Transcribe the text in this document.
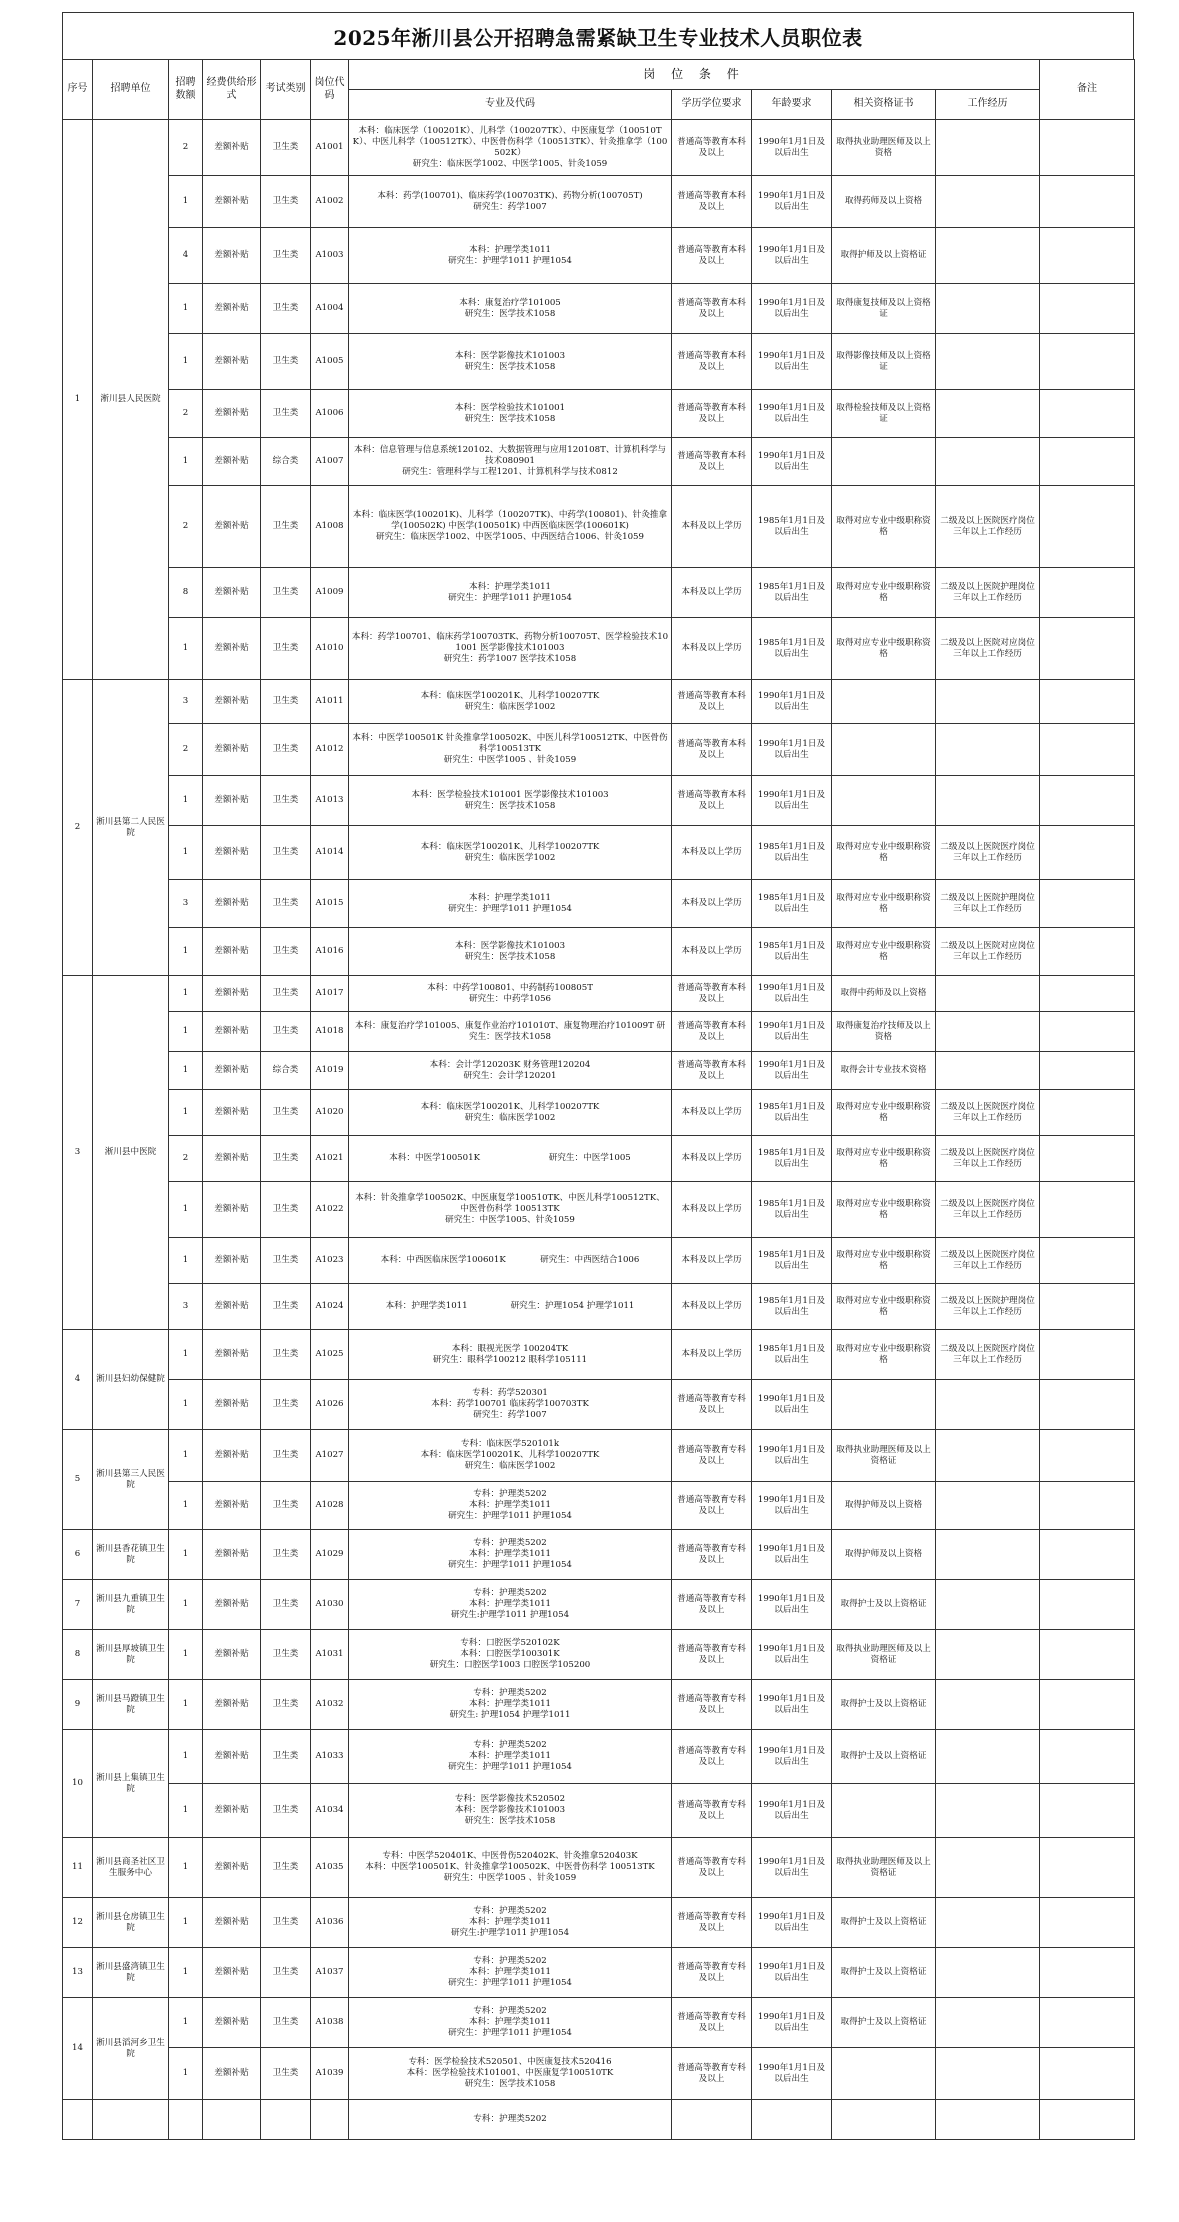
2025年淅川县公开招聘急需紧缺卫生专业技术人员职位表
序号	招聘单位	招聘数额	经费供给形式	考试类别	岗位代码	岗 位 条 件					备注
						专业及代码	学历学位要求	年龄要求	相关资格证书	工作经历	
1	淅川县人民医院	2	差额补贴	卫生类	A1001	本科：临床医学（100201K）、儿科学（100207TK）、中医康复学（100510TK）、中医儿科学（100512TK）、中医骨伤科学（100513TK）、针灸推拿学（100502K）
研究生：临床医学1002、中医学1005、针灸1059	普通高等教育本科及以上	1990年1月1日及以后出生	取得执业助理医师及以上资格		
		1	差额补贴	卫生类	A1002	本科：药学(100701)、临床药学(100703TK)、药物分析(100705T)
研究生：药学1007	普通高等教育本科及以上	1990年1月1日及以后出生	取得药师及以上资格		
		4	差额补贴	卫生类	A1003	本科：护理学类1011
研究生：护理学1011 护理1054	普通高等教育本科及以上	1990年1月1日及以后出生	取得护师及以上资格证		
		1	差额补贴	卫生类	A1004	本科：康复治疗学101005
研究生：医学技术1058	普通高等教育本科及以上	1990年1月1日及以后出生	取得康复技师及以上资格证		
		1	差额补贴	卫生类	A1005	本科：医学影像技术101003
研究生：医学技术1058	普通高等教育本科及以上	1990年1月1日及以后出生	取得影像技师及以上资格证		
		2	差额补贴	卫生类	A1006	本科：医学检验技术101001
研究生：医学技术1058	普通高等教育本科及以上	1990年1月1日及以后出生	取得检验技师及以上资格证		
		1	差额补贴	综合类	A1007	本科：信息管理与信息系统120102、大数据管理与应用120108T、计算机科学与技术080901
研究生：管理科学与工程1201、计算机科学与技术0812	普通高等教育本科及以上	1990年1月1日及以后出生			
		2	差额补贴	卫生类	A1008	本科：临床医学(100201K)、儿科学（100207TK)、中药学(100801)、针灸推拿学(100502K) 中医学(100501K) 中西医临床医学(100601K)
研究生：临床医学1002、中医学1005、中西医结合1006、针灸1059	本科及以上学历	1985年1月1日及以后出生	取得对应专业中级职称资格	二级及以上医院医疗岗位三年以上工作经历	
		8	差额补贴	卫生类	A1009	本科：护理学类1011
研究生：护理学1011 护理1054	本科及以上学历	1985年1月1日及以后出生	取得对应专业中级职称资格	二级及以上医院护理岗位三年以上工作经历	
		1	差额补贴	卫生类	A1010	本科：药学100701、临床药学100703TK、药物分析100705T、医学检验技术101001 医学影像技术101003
研究生：药学1007 医学技术1058	本科及以上学历	1985年1月1日及以后出生	取得对应专业中级职称资格	二级及以上医院对应岗位三年以上工作经历	
2	淅川县第二人民医院	3	差额补贴	卫生类	A1011	本科：临床医学100201K、儿科学100207TK
研究生：临床医学1002	普通高等教育本科及以上	1990年1月1日及以后出生			
		2	差额补贴	卫生类	A1012	本科：中医学100501K 针灸推拿学100502K、中医儿科学100512TK、中医骨伤科学100513TK
研究生：中医学1005 、针灸1059	普通高等教育本科及以上	1990年1月1日及以后出生			
		1	差额补贴	卫生类	A1013	本科：医学检验技术101001 医学影像技术101003
研究生：医学技术1058	普通高等教育本科及以上	1990年1月1日及以后出生			
		1	差额补贴	卫生类	A1014	本科：临床医学100201K、儿科学100207TK
研究生：临床医学1002	本科及以上学历	1985年1月1日及以后出生	取得对应专业中级职称资格	二级及以上医院医疗岗位三年以上工作经历	
		3	差额补贴	卫生类	A1015	本科：护理学类1011
研究生：护理学1011 护理1054	本科及以上学历	1985年1月1日及以后出生	取得对应专业中级职称资格	二级及以上医院护理岗位三年以上工作经历	
		1	差额补贴	卫生类	A1016	本科：医学影像技术101003
研究生：医学技术1058	本科及以上学历	1985年1月1日及以后出生	取得对应专业中级职称资格	二级及以上医院对应岗位三年以上工作经历	
3	淅川县中医院	1	差额补贴	卫生类	A1017	本科：中药学100801、中药制药100805T
研究生：中药学1056	普通高等教育本科及以上	1990年1月1日及以后出生	取得中药师及以上资格		
		1	差额补贴	卫生类	A1018	本科：康复治疗学101005、康复作业治疗101010T、康复物理治疗101009T 研究生：医学技术1058	普通高等教育本科及以上	1990年1月1日及以后出生	取得康复治疗技师及以上资格		
		1	差额补贴	综合类	A1019	本科：会计学120203K 财务管理120204
研究生：会计学120201	普通高等教育本科及以上	1990年1月1日及以后出生	取得会计专业技术资格		
		1	差额补贴	卫生类	A1020	本科：临床医学100201K、儿科学100207TK
研究生：临床医学1002	本科及以上学历	1985年1月1日及以后出生	取得对应专业中级职称资格	二级及以上医院医疗岗位三年以上工作经历	
		2	差额补贴	卫生类	A1021	本科：中医学100501K　　　　　　　　研究生：中医学1005	本科及以上学历	1985年1月1日及以后出生	取得对应专业中级职称资格	二级及以上医院医疗岗位三年以上工作经历	
		1	差额补贴	卫生类	A1022	本科：针灸推拿学100502K、中医康复学100510TK、中医儿科学100512TK、中医骨伤科学 100513TK
研究生：中医学1005、针灸1059	本科及以上学历	1985年1月1日及以后出生	取得对应专业中级职称资格	二级及以上医院医疗岗位三年以上工作经历	
		1	差额补贴	卫生类	A1023	本科：中西医临床医学100601K　　　　研究生：中西医结合1006	本科及以上学历	1985年1月1日及以后出生	取得对应专业中级职称资格	二级及以上医院医疗岗位三年以上工作经历	
		3	差额补贴	卫生类	A1024	本科：护理学类1011　　　　　研究生：护理1054 护理学1011	本科及以上学历	1985年1月1日及以后出生	取得对应专业中级职称资格	二级及以上医院护理岗位三年以上工作经历	
4	淅川县妇幼保健院	1	差额补贴	卫生类	A1025	本科：眼视光医学 100204TK
研究生：眼科学100212 眼科学105111	本科及以上学历	1985年1月1日及以后出生	取得对应专业中级职称资格	二级及以上医院医疗岗位三年以上工作经历	
		1	差额补贴	卫生类	A1026	专科：药学520301
本科：药学100701 临床药学100703TK
研究生：药学1007	普通高等教育专科及以上	1990年1月1日及以后出生			
5	淅川县第三人民医院	1	差额补贴	卫生类	A1027	专科：临床医学520101k
本科：临床医学100201K、儿科学100207TK
研究生：临床医学1002	普通高等教育专科及以上	1990年1月1日及以后出生	取得执业助理医师及以上资格证		
		1	差额补贴	卫生类	A1028	专科：护理类5202
本科：护理学类1011
研究生：护理学1011 护理1054	普通高等教育专科及以上	1990年1月1日及以后出生	取得护师及以上资格		
6	淅川县香花镇卫生院	1	差额补贴	卫生类	A1029	专科：护理类5202
本科：护理学类1011
研究生：护理学1011 护理1054	普通高等教育专科及以上	1990年1月1日及以后出生	取得护师及以上资格		
7	淅川县九重镇卫生院	1	差额补贴	卫生类	A1030	专科：护理类5202
本科：护理学类1011
研究生:护理学1011 护理1054	普通高等教育专科及以上	1990年1月1日及以后出生	取得护士及以上资格证		
8	淅川县厚坡镇卫生院	1	差额补贴	卫生类	A1031	专科：口腔医学520102K
本科：口腔医学100301K
研究生：口腔医学1003 口腔医学105200	普通高等教育专科及以上	1990年1月1日及以后出生	取得执业助理医师及以上资格证		
9	淅川县马蹬镇卫生院	1	差额补贴	卫生类	A1032	专科：护理类5202
本科：护理学类1011
研究生: 护理1054 护理学1011	普通高等教育专科及以上	1990年1月1日及以后出生	取得护士及以上资格证		
10	淅川县上集镇卫生院	1	差额补贴	卫生类	A1033	专科：护理类5202
本科：护理学类1011
研究生：护理学1011 护理1054	普通高等教育专科及以上	1990年1月1日及以后出生	取得护士及以上资格证		
		1	差额补贴	卫生类	A1034	专科：医学影像技术520502
本科：医学影像技术101003
研究生：医学技术1058	普通高等教育专科及以上	1990年1月1日及以后出生			
11	淅川县商圣社区卫生服务中心	1	差额补贴	卫生类	A1035	专科：中医学520401K、中医骨伤520402K、针灸推拿520403K
本科：中医学100501K、针灸推拿学100502K、中医骨伤科学 100513TK
研究生：中医学1005 、针灸1059	普通高等教育专科及以上	1990年1月1日及以后出生	取得执业助理医师及以上资格证		
12	淅川县仓房镇卫生院	1	差额补贴	卫生类	A1036	专科：护理类5202
本科：护理学类1011
研究生:护理学1011 护理1054	普通高等教育专科及以上	1990年1月1日及以后出生	取得护士及以上资格证		
13	淅川县盛湾镇卫生院	1	差额补贴	卫生类	A1037	专科：护理类5202
本科：护理学类1011
研究生：护理学1011 护理1054	普通高等教育专科及以上	1990年1月1日及以后出生	取得护士及以上资格证		
14	淅川县滔河乡卫生院	1	差额补贴	卫生类	A1038	专科：护理类5202
本科：护理学类1011
研究生：护理学1011 护理1054	普通高等教育专科及以上	1990年1月1日及以后出生	取得护士及以上资格证		
		1	差额补贴	卫生类	A1039	专科：医学检验技术520501、中医康复技术520416
本科：医学检验技术101001、中医康复学100510TK
研究生：医学技术1058	普通高等教育专科及以上	1990年1月1日及以后出生			
						专科：护理类5202					
